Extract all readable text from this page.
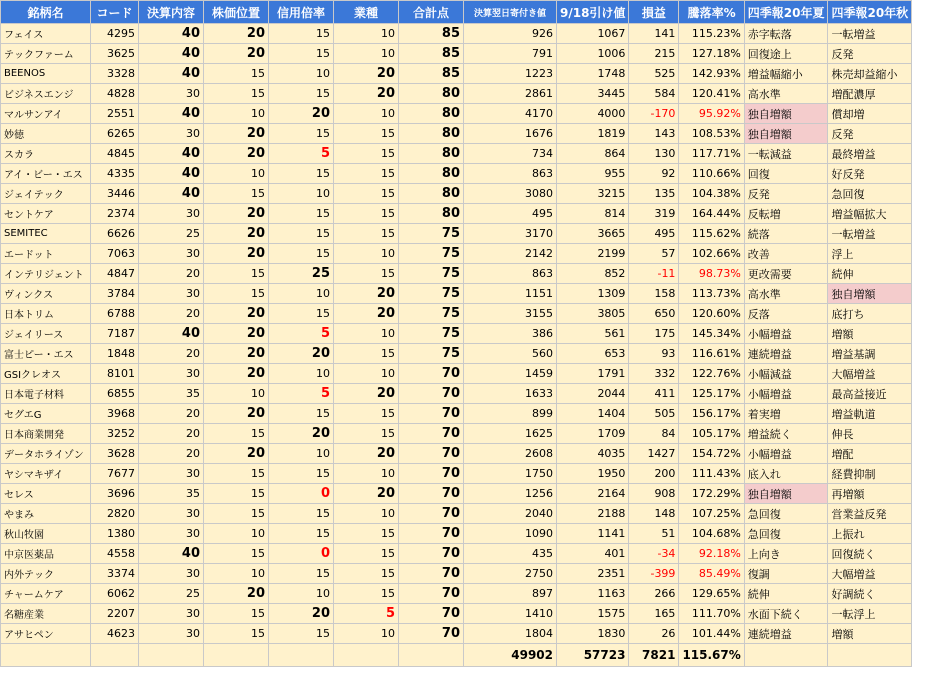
銘柄名	コード	決算内容	株価位置	信用倍率	業種	合計点	決算翌日寄付き値	9/18引け値	損益	騰落率%	四季報20年夏	四季報20年秋
フェイス	4295	40	20	15	10	85	926	1067	141	115.23%	赤字転落	一転増益
テックファーム	3625	40	20	15	10	85	791	1006	215	127.18%	回復途上	反発
BEENOS	3328	40	15	10	20	85	1223	1748	525	142.93%	増益幅縮小	株売却益縮小
ビジネスエンジ	4828	30	15	15	20	80	2861	3445	584	120.41%	高水準	増配濃厚
マルサンアイ	2551	40	10	20	10	80	4170	4000	-170	95.92%	独自増額	償却増
妙徳	6265	30	20	15	15	80	1676	1819	143	108.53%	独自増額	反発
スカラ	4845	40	20	5	15	80	734	864	130	117.71%	一転減益	最終増益
アイ・ビー・エス	4335	40	10	15	15	80	863	955	92	110.66%	回復	好反発
ジェイテック	3446	40	15	10	15	80	3080	3215	135	104.38%	反発	急回復
セントケア	2374	30	20	15	15	80	495	814	319	164.44%	反転増	増益幅拡大
SEMITEC	6626	25	20	15	15	75	3170	3665	495	115.62%	続落	一転増益
エードット	7063	30	20	15	10	75	2142	2199	57	102.66%	改善	浮上
インテリジェント	4847	20	15	25	15	75	863	852	-11	98.73%	更改需要	続伸
ヴィンクス	3784	30	15	10	20	75	1151	1309	158	113.73%	高水準	独自増額
日本トリム	6788	20	20	15	20	75	3155	3805	650	120.60%	反落	底打ち
ジェイリース	7187	40	20	5	10	75	386	561	175	145.34%	小幅増益	増額
富士ピー・エス	1848	20	20	20	15	75	560	653	93	116.61%	連続増益	増益基調
GSIクレオス	8101	30	20	10	10	70	1459	1791	332	122.76%	小幅減益	大幅増益
日本電子材料	6855	35	10	5	20	70	1633	2044	411	125.17%	小幅増益	最高益接近
セグエG	3968	20	20	15	15	70	899	1404	505	156.17%	着実増	増益軌道
日本商業開発	3252	20	15	20	15	70	1625	1709	84	105.17%	増益続く	伸長
データホライゾン	3628	20	20	10	20	70	2608	4035	1427	154.72%	小幅増益	増配
ヤシマキザイ	7677	30	15	15	10	70	1750	1950	200	111.43%	底入れ	経費抑制
セレス	3696	35	15	0	20	70	1256	2164	908	172.29%	独自増額	再増額
やまみ	2820	30	15	15	10	70	2040	2188	148	107.25%	急回復	営業益反発
秋山牧園	1380	30	10	15	15	70	1090	1141	51	104.68%	急回復	上振れ
中京医薬品	4558	40	15	0	15	70	435	401	-34	92.18%	上向き	回復続く
内外テック	3374	30	10	15	15	70	2750	2351	-399	85.49%	復調	大幅増益
チャームケア	6062	25	20	10	15	70	897	1163	266	129.65%	続伸	好調続く
名糖産業	2207	30	15	20	5	70	1410	1575	165	111.70%	水面下続く	一転浮上
アサヒペン	4623	30	15	15	10	70	1804	1830	26	101.44%	連続増益	増額
							49902	57723	7821	115.67%		
